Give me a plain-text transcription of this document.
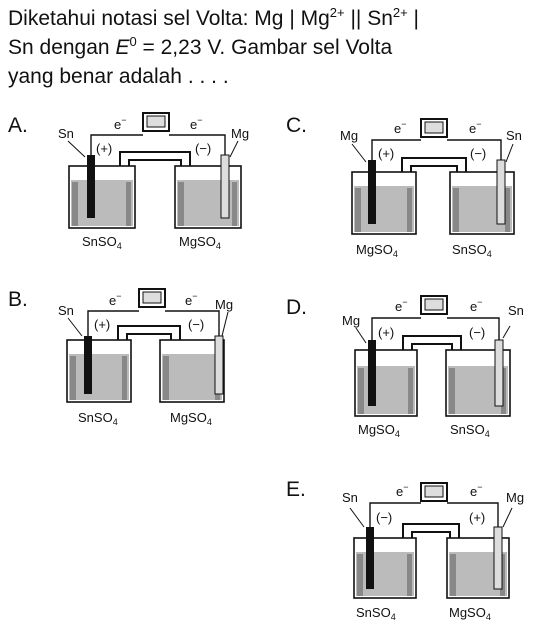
Diketahui notasi sel Volta: Mg | $Mg^{2+}$ || $Sn^{2+}$ |
Sn dengan $E^0 = 2,23$ V. Gambar sel Volta
yang benar adalah . . . .
A.	e−	e−
Sn	Mg
(+)	(−)
SnSO$_4$	MgSO$_4$
C.	e−	e−
Mg	Sn
(+)	(−)
MgSO$_4$	SnSO$_4$
B.	e−	e−
Sn	Mg
(+)	(−)
SnSO$_4$	MgSO$_4$
D.	e−	e−
Mg
Sn
(+)	(−)
MgSO$_4$	SnSO$_4$
E.	e−	e−
Sn	Mg
(−)	(+)
SnSO$_4$	MgSO$_4$
